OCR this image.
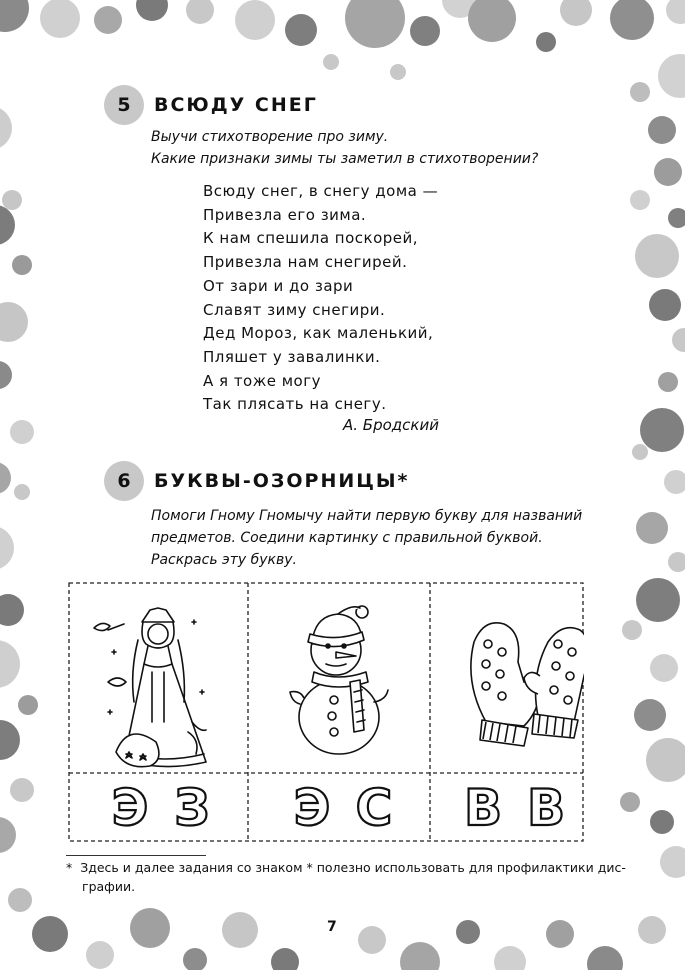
5	ВСЮДУ СНЕГ
Выучи стихотворение про зиму.
Какие признаки зимы ты заметил в стихотворении?
Всюду снег, в снегу дома —
Привезла его зима.
К нам спешила поскорей,
Привезла нам снегирей.
От зари и до зари
Славят зиму снегири.
Дед Мороз, как маленький,
Пляшет у завалинки.
А я тоже могу
Так плясать на снегу.
А. Бродский
6	БУКВЫ-ОЗОРНИЦЫ*
Помоги Гному Гномычу найти первую букву для названий
предметов. Соедини картинку с правильной буквой.
Раскрась эту букву.
Э З Э С В В
* Здесь и далее задания со знаком * полезно использовать для профилактики дис-
графии.
7
